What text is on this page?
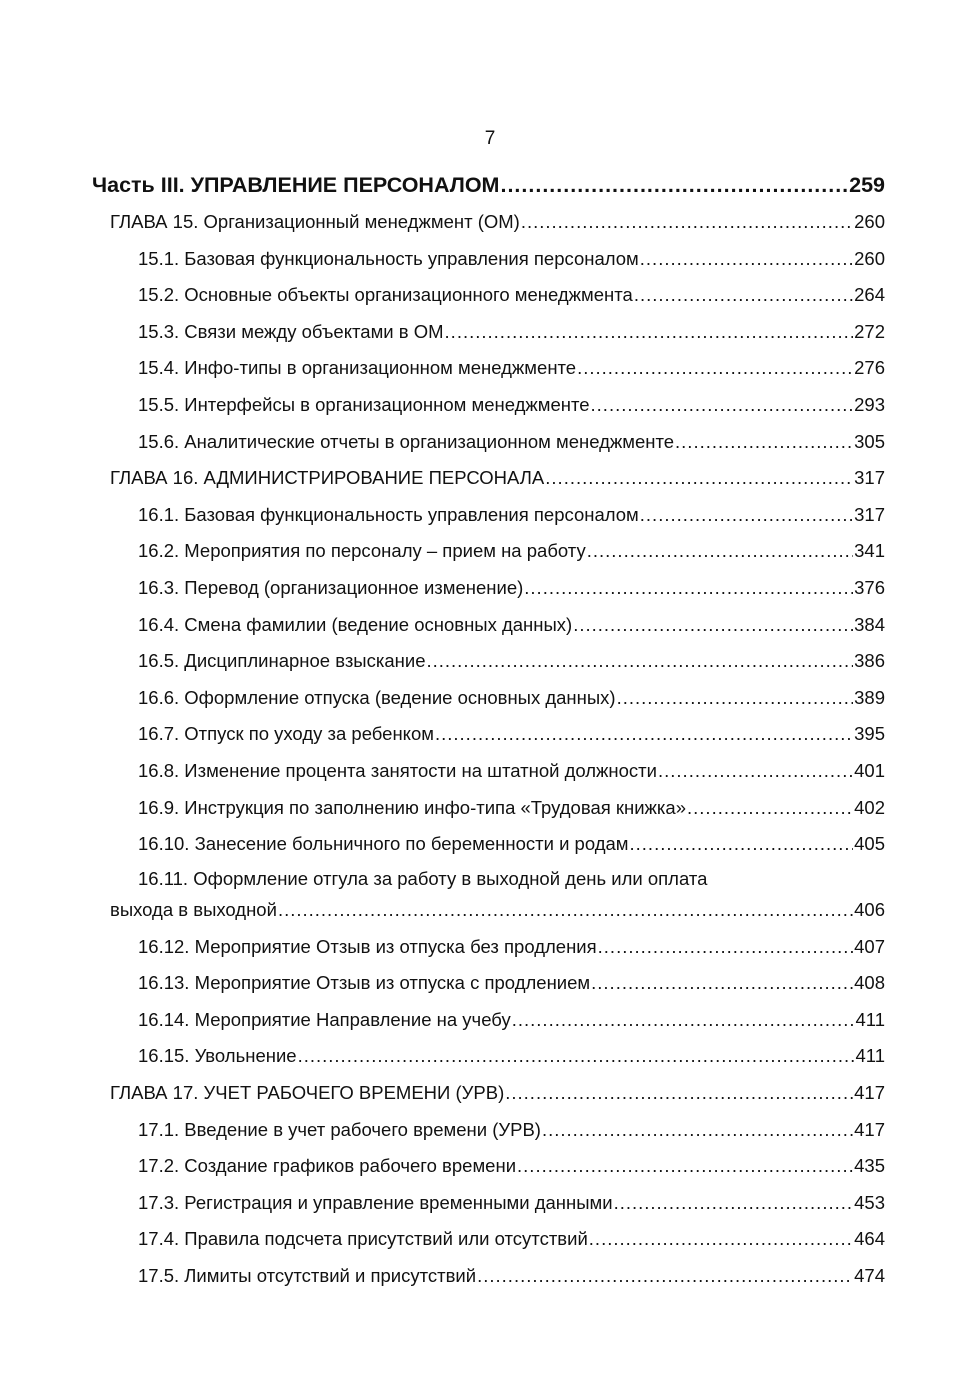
7
Часть III. УПРАВЛЕНИЕ ПЕРСОНАЛОМ .....	259
ГЛАВА 15. Организационный менеджмент (ОМ) .....	260
15.1. Базовая функциональность управления персоналом .....	260
15.2. Основные объекты организационного менеджмента .....	264
15.3. Связи между объектами в ОМ .....	272
15.4. Инфо-типы в организационном менеджменте .....	276
15.5. Интерфейсы в организационном менеджменте .....	293
15.6. Аналитические отчеты в организационном менеджменте .....	305
ГЛАВА 16. АДМИНИСТРИРОВАНИЕ ПЕРСОНАЛА .....	317
16.1. Базовая функциональность управления персоналом .....	317
16.2. Мероприятия по персоналу – прием на работу .....	341
16.3. Перевод (организационное изменение) .....	376
16.4. Смена фамилии (ведение основных данных) .....	384
16.5. Дисциплинарное взыскание .....	386
16.6. Оформление отпуска (ведение основных данных) .....	389
16.7. Отпуск по уходу за ребенком .....	395
16.8. Изменение процента занятости на штатной должности .....	401
16.9. Инструкция по заполнению инфо-типа «Трудовая книжка» .....	402
16.10. Занесение больничного по беременности и родам .....	405
16.11. Оформление отгула за работу в выходной день или оплата
выхода в выходной .....	406
16.12. Мероприятие Отзыв из отпуска без продления .....	407
16.13. Мероприятие Отзыв из отпуска с продлением .....	408
16.14. Мероприятие Направление на учебу .....	411
16.15. Увольнение .....	411
ГЛАВА 17. УЧЕТ РАБОЧЕГО ВРЕМЕНИ (УРВ) .....	417
17.1. Введение в учет рабочего времени (УРВ) .....	417
17.2. Создание графиков рабочего времени .....	435
17.3. Регистрация и управление временными данными .....	453
17.4. Правила подсчета присутствий или отсутствий .....	464
17.5. Лимиты отсутствий и присутствий .....	474
